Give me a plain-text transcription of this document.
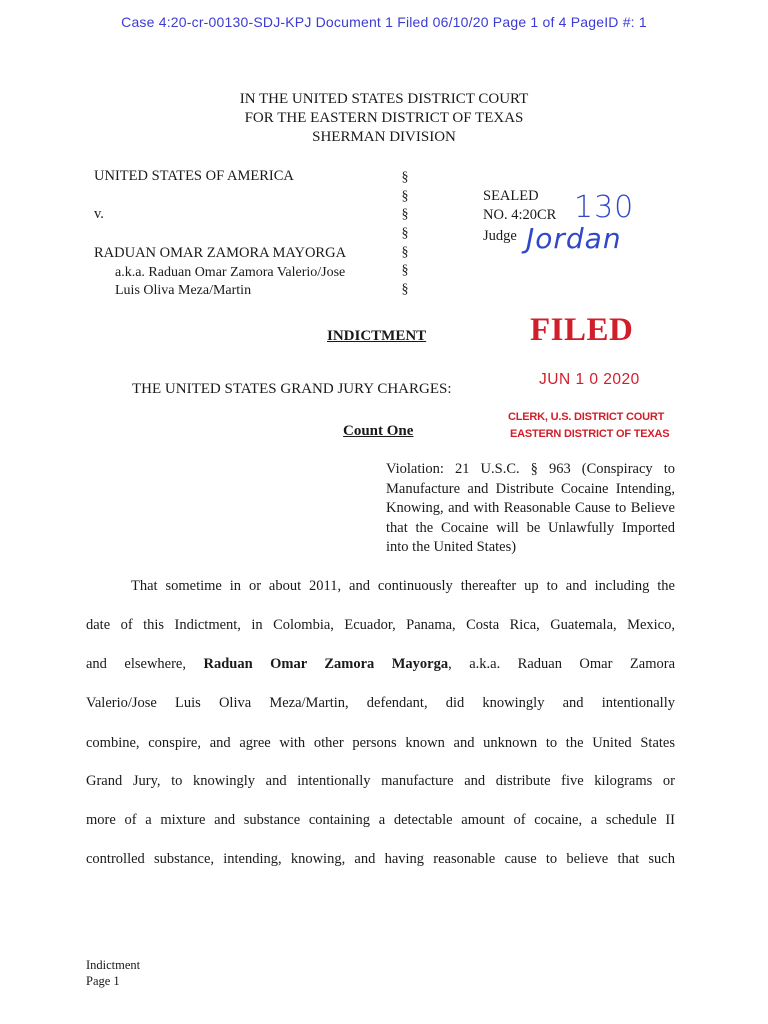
Case 4:20-cr-00130-SDJ-KPJ Document 1 Filed 06/10/20 Page 1 of 4 PageID #: 1
IN THE UNITED STATES DISTRICT COURT
FOR THE EASTERN DISTRICT OF TEXAS
SHERMAN DIVISION
UNITED STATES OF AMERICA
v.
RADUAN OMAR ZAMORA MAYORGA
a.k.a. Raduan Omar Zamora Valerio/Jose
Luis Oliva Meza/Martin
§
§
§
§
§
§
§
SEALED
NO. 4:20CR 130
Judge Jordan
FILED
JUN 1 0 2020
CLERK, U.S. DISTRICT COURT
EASTERN DISTRICT OF TEXAS
INDICTMENT
THE UNITED STATES GRAND JURY CHARGES:
Count One
Violation: 21 U.S.C. § 963 (Conspiracy to Manufacture and Distribute Cocaine Intending, Knowing, and with Reasonable Cause to Believe that the Cocaine will be Unlawfully Imported into the United States)
That sometime in or about 2011, and continuously thereafter up to and including the
date of this Indictment, in Colombia, Ecuador, Panama, Costa Rica, Guatemala, Mexico,
and elsewhere, Raduan Omar Zamora Mayorga, a.k.a. Raduan Omar Zamora
Valerio/Jose Luis Oliva Meza/Martin, defendant, did knowingly and intentionally
combine, conspire, and agree with other persons known and unknown to the United States
Grand Jury, to knowingly and intentionally manufacture and distribute five kilograms or
more of a mixture and substance containing a detectable amount of cocaine, a schedule II
controlled substance, intending, knowing, and having reasonable cause to believe that such
Indictment
Page 1
